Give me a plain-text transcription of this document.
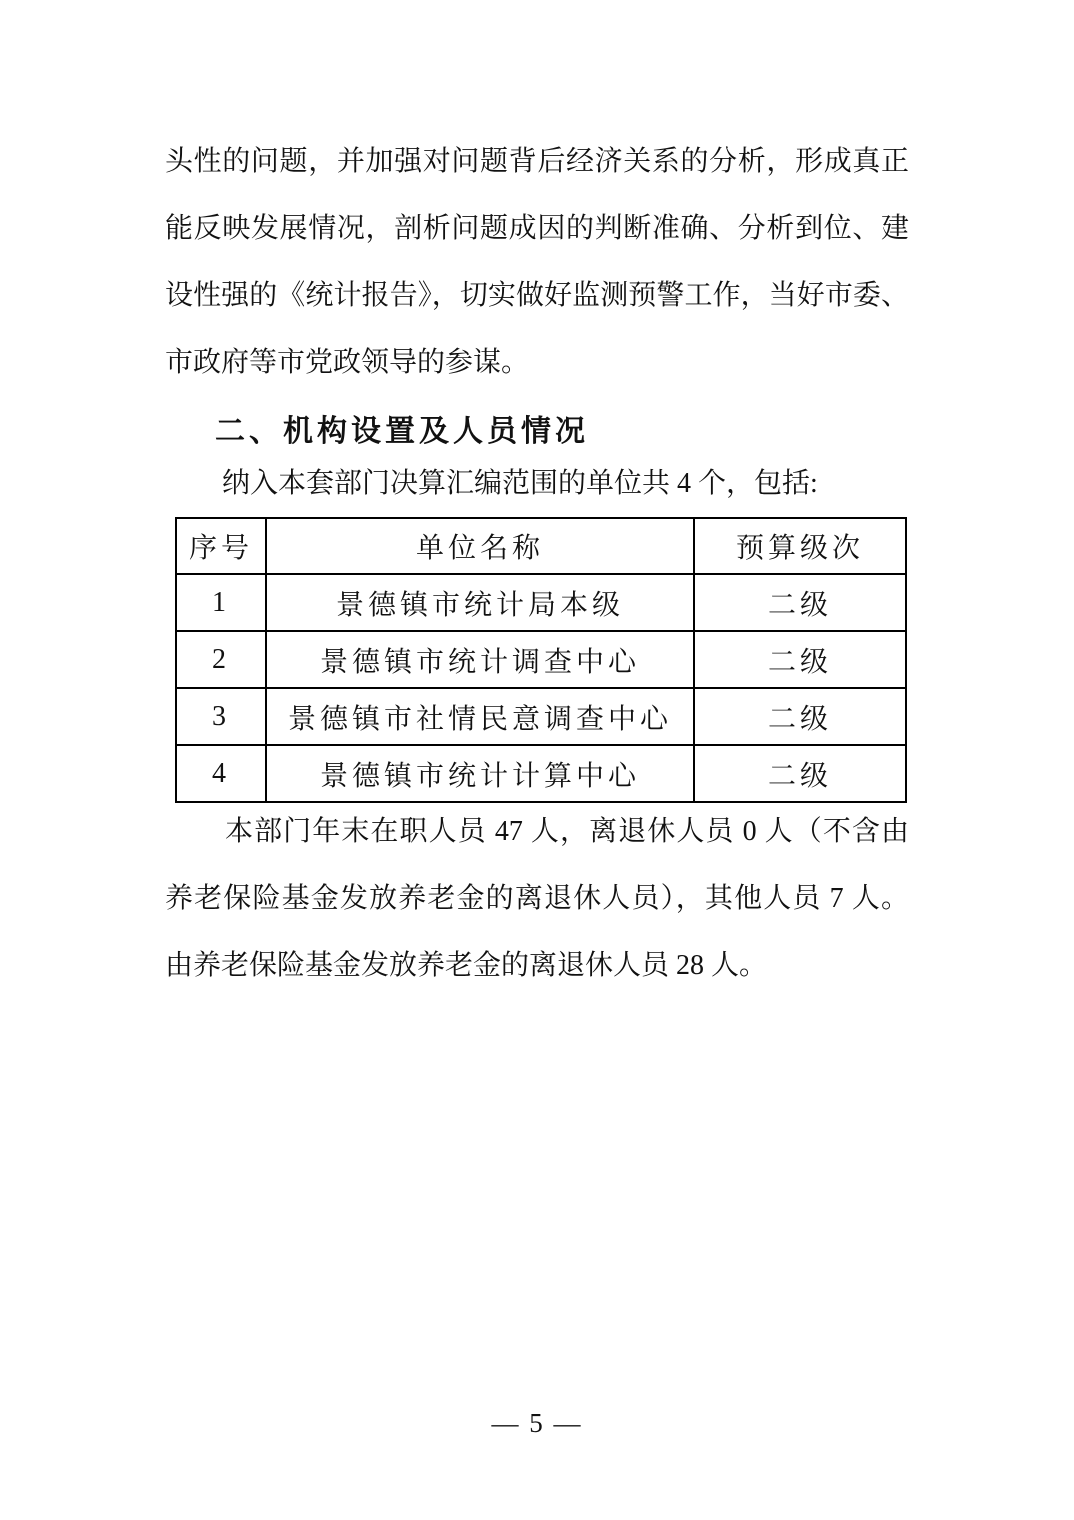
头性的问题，并加强对问题背后经济关系的分析，形成真正
能反映发展情况，剖析问题成因的判断准确、分析到位、建
设性强的《统计报告》，切实做好监测预警工作，当好市委、
市政府等市党政领导的参谋。
二、机构设置及人员情况
纳入本套部门决算汇编范围的单位共 4 个，包括:
序号	单位名称	预算级次
1	景德镇市统计局本级	二级
2	景德镇市统计调查中心	二级
3	景德镇市社情民意调查中心	二级
4	景德镇市统计计算中心	二级
本部门年末在职人员 47 人，离退休人员 0 人（不含由
养老保险基金发放养老金的离退休人员），其他人员 7 人。
由养老保险基金发放养老金的离退休人员 28 人。
— 5 —
